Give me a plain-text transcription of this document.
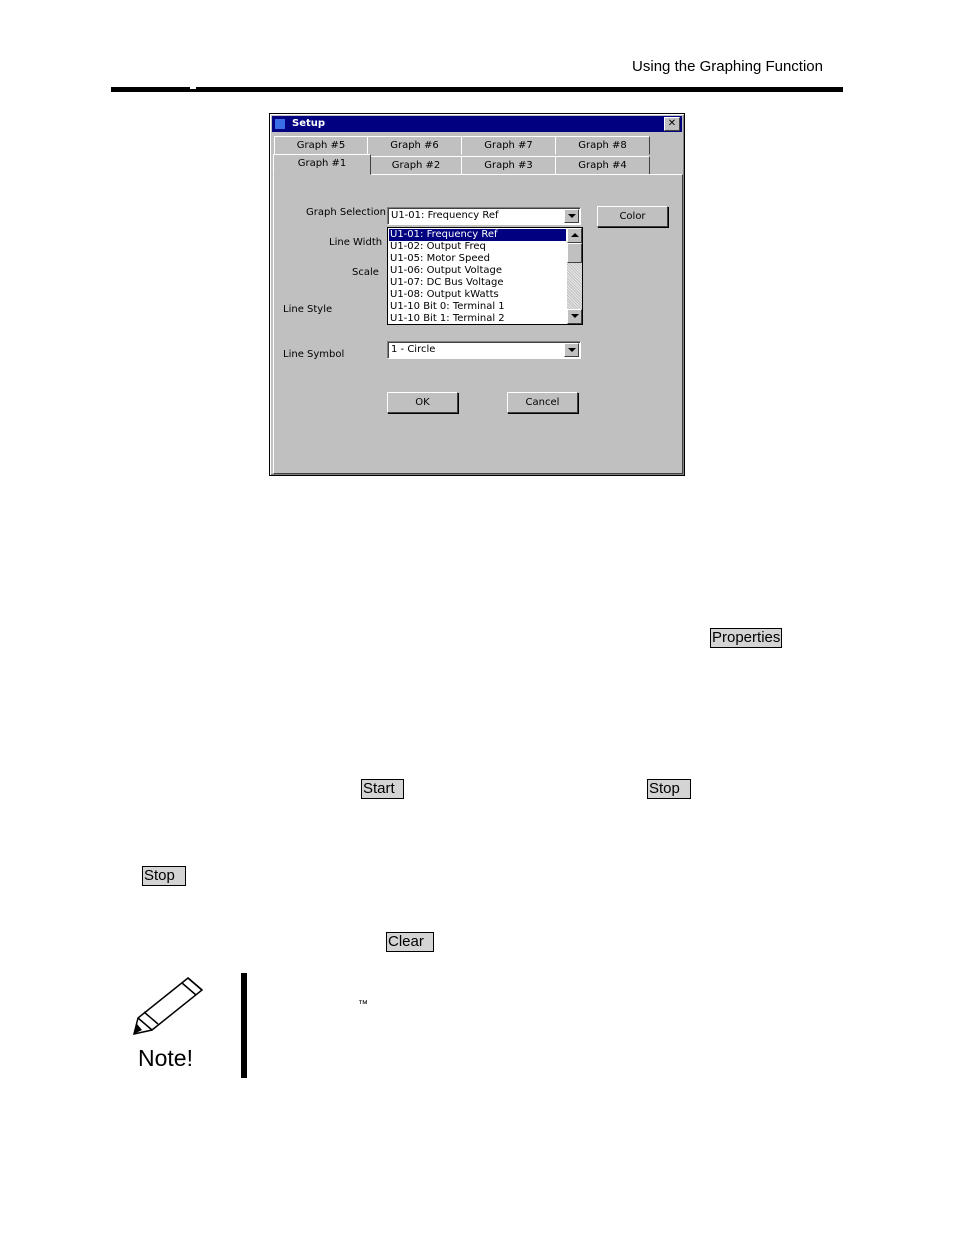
Using the Graphing Function
Setup	✕
Graph #5	Graph #6	Graph #7	Graph #8
Graph #1	Graph #2	Graph #3	Graph #4
Graph Selection
Line Width
Scale
Line Style
Line Symbol
U1-01: Frequency Ref
U1-01: Frequency Ref
U1-02: Output Freq
U1-05: Motor Speed
U1-06: Output Voltage
U1-07: DC Bus Voltage
U1-08: Output kWatts
U1-10 Bit 0: Terminal 1
U1-10 Bit 1: Terminal 2
Color
1 - Circle
OK	Cancel
Properties
Start	Stop
Stop
Clear
Note!
™
